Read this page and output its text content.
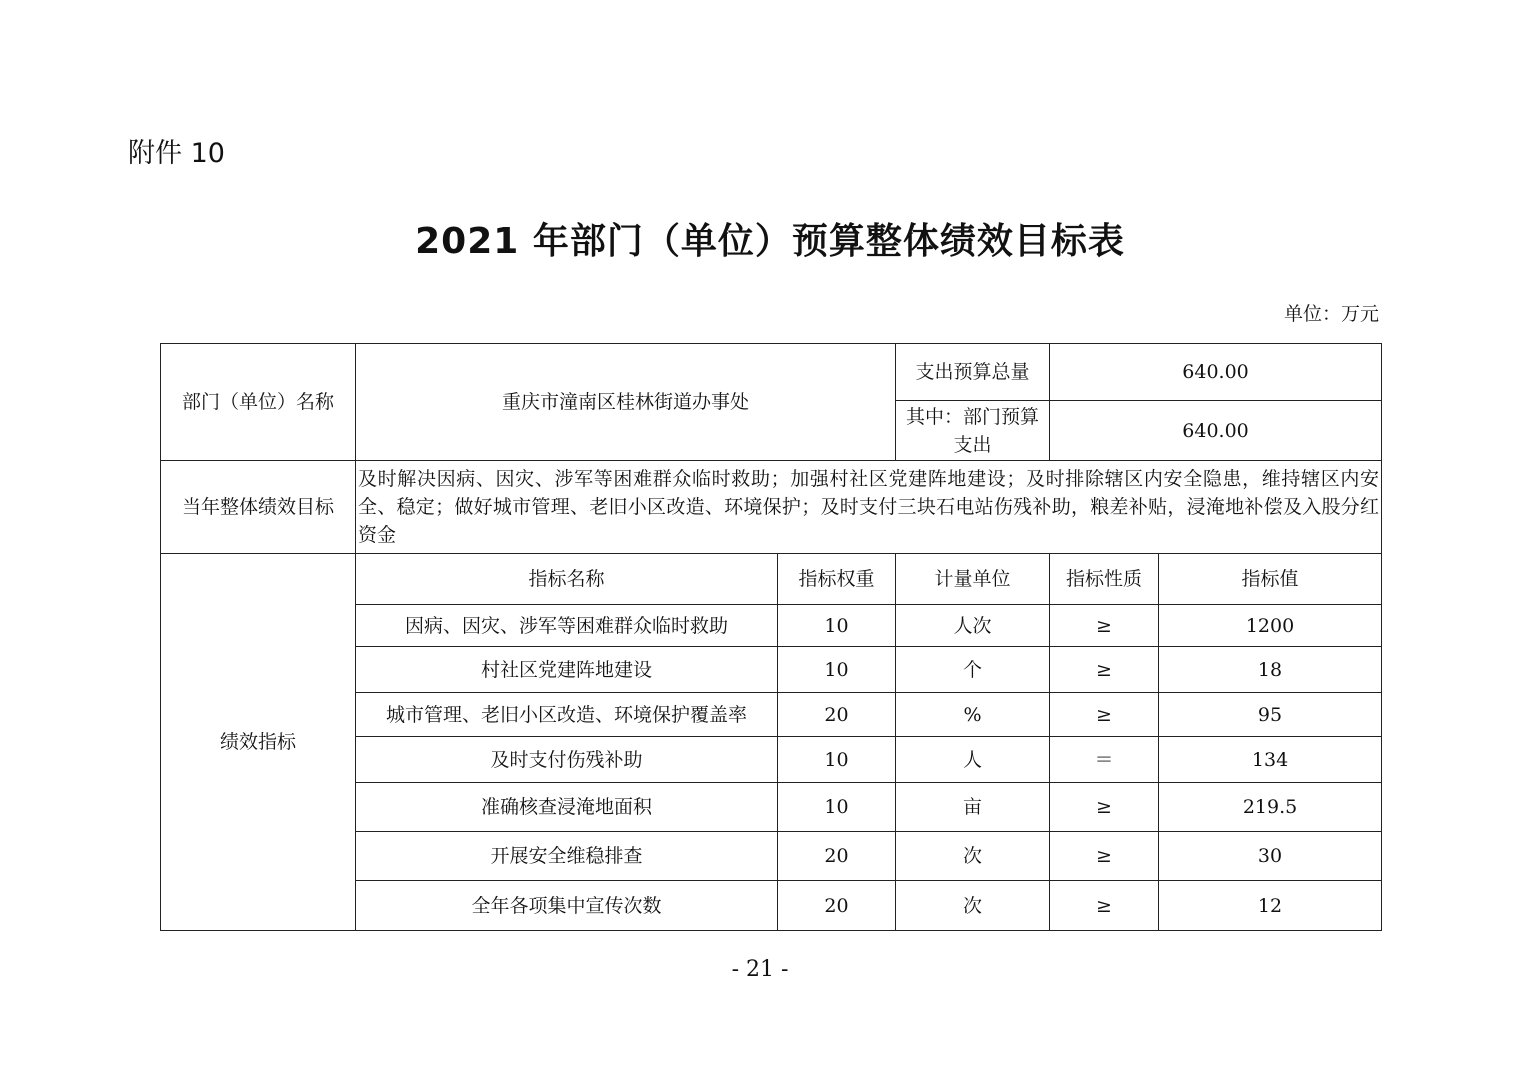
附件 10
2021 年部门（单位）预算整体绩效目标表
单位：万元
部门（单位）名称	重庆市潼南区桂林街道办事处		支出预算总量	640.00	
			其中：部门预算支出	640.00	
当年整体绩效目标	及时解决因病、因灾、涉军等困难群众临时救助；加强村社区党建阵地建设；及时排除辖区内安全隐患，维持辖区内安全、稳定；做好城市管理、老旧小区改造、环境保护；及时支付三块石电站伤残补助，粮差补贴，浸淹地补偿及入股分红资金				
绩效指标	指标名称	指标权重	计量单位	指标性质	指标值
	因病、因灾、涉军等困难群众临时救助	10	人次	≥	1200
	村社区党建阵地建设	10	个	≥	18
	城市管理、老旧小区改造、环境保护覆盖率	20	%	≥	95
	及时支付伤残补助	10	人	＝	134
	准确核查浸淹地面积	10	亩	≥	219.5
	开展安全维稳排查	20	次	≥	30
	全年各项集中宣传次数	20	次	≥	12
- 21 -
